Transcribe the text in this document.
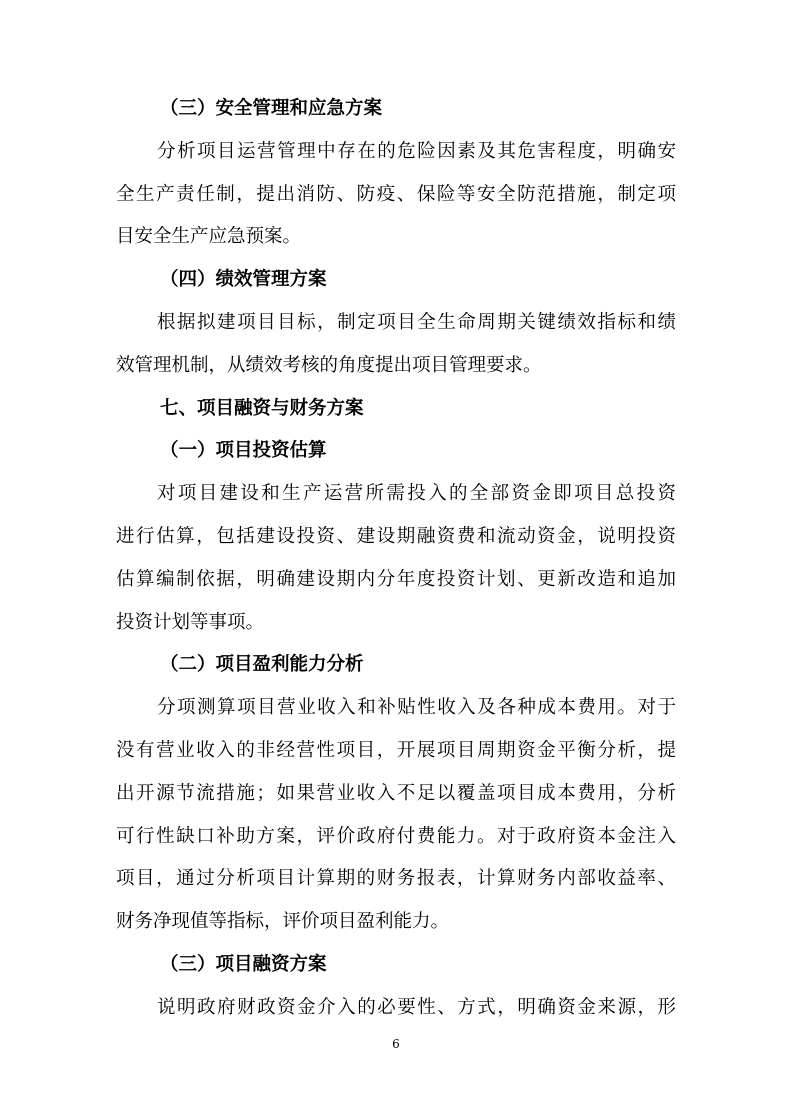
（三）安全管理和应急方案
分析项目运营管理中存在的危险因素及其危害程度，明确安
全生产责任制，提出消防、防疫、保险等安全防范措施，制定项
目安全生产应急预案。
（四）绩效管理方案
根据拟建项目目标，制定项目全生命周期关键绩效指标和绩
效管理机制，从绩效考核的角度提出项目管理要求。
七、项目融资与财务方案
（一）项目投资估算
对项目建设和生产运营所需投入的全部资金即项目总投资
进行估算，包括建设投资、建设期融资费和流动资金，说明投资
估算编制依据，明确建设期内分年度投资计划、更新改造和追加
投资计划等事项。
（二）项目盈利能力分析
分项测算项目营业收入和补贴性收入及各种成本费用。对于
没有营业收入的非经营性项目，开展项目周期资金平衡分析，提
出开源节流措施；如果营业收入不足以覆盖项目成本费用，分析
可行性缺口补助方案，评价政府付费能力。对于政府资本金注入
项目，通过分析项目计算期的财务报表，计算财务内部收益率、
财务净现值等指标，评价项目盈利能力。
（三）项目融资方案
说明政府财政资金介入的必要性、方式，明确资金来源，形
6
